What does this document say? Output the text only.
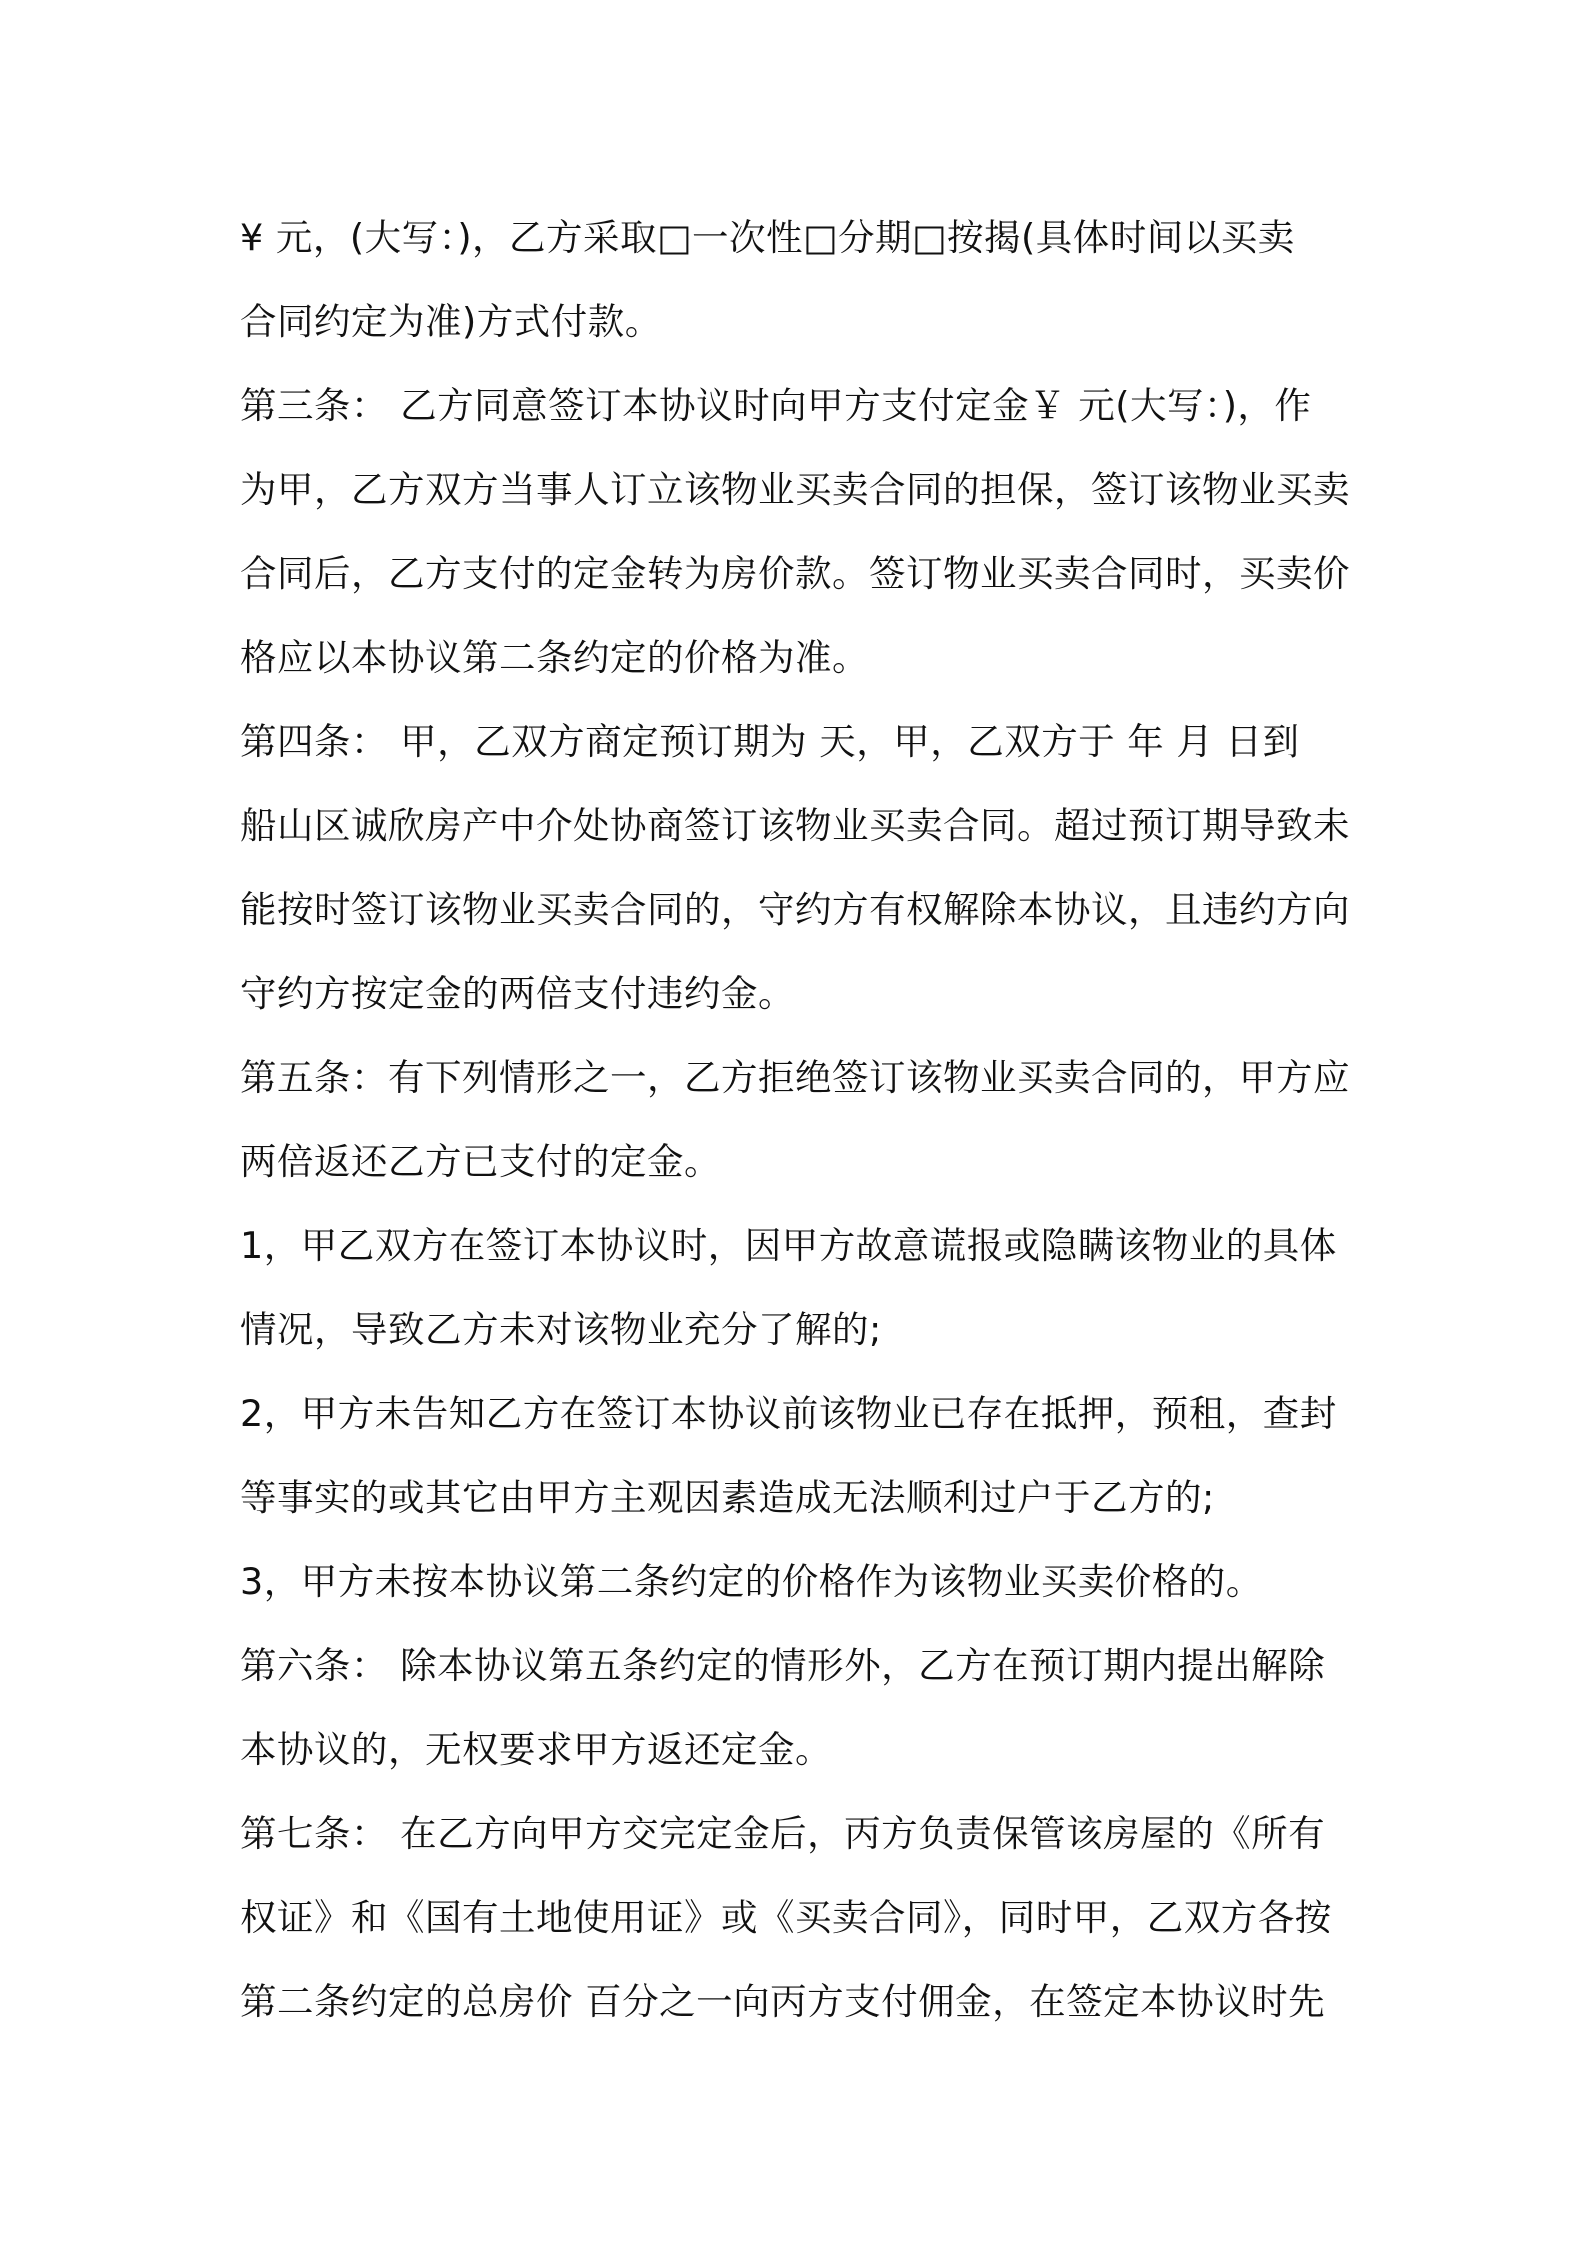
¥ 元，(大写：)，乙方采取□一次性□分期□按揭(具体时间以买卖
合同约定为准)方式付款。
第三条： 乙方同意签订本协议时向甲方支付定金￥ 元(大写：)，作
为甲，乙方双方当事人订立该物业买卖合同的担保，签订该物业买卖
合同后，乙方支付的定金转为房价款。签订物业买卖合同时，买卖价
格应以本协议第二条约定的价格为准。
第四条： 甲，乙双方商定预订期为 天，甲，乙双方于 年 月 日到
船山区诚欣房产中介处协商签订该物业买卖合同。超过预订期导致未
能按时签订该物业买卖合同的，守约方有权解除本协议，且违约方向
守约方按定金的两倍支付违约金。
第五条：有下列情形之一，乙方拒绝签订该物业买卖合同的，甲方应
两倍返还乙方已支付的定金。
1，甲乙双方在签订本协议时，因甲方故意谎报或隐瞒该物业的具体
情况，导致乙方未对该物业充分了解的;
2，甲方未告知乙方在签订本协议前该物业已存在抵押，预租，查封
等事实的或其它由甲方主观因素造成无法顺利过户于乙方的;
3，甲方未按本协议第二条约定的价格作为该物业买卖价格的。
第六条： 除本协议第五条约定的情形外，乙方在预订期内提出解除
本协议的，无权要求甲方返还定金。
第七条： 在乙方向甲方交完定金后，丙方负责保管该房屋的《所有
权证》和《国有土地使用证》或《买卖合同》，同时甲，乙双方各按
第二条约定的总房价 百分之一向丙方支付佣金，在签定本协议时先
